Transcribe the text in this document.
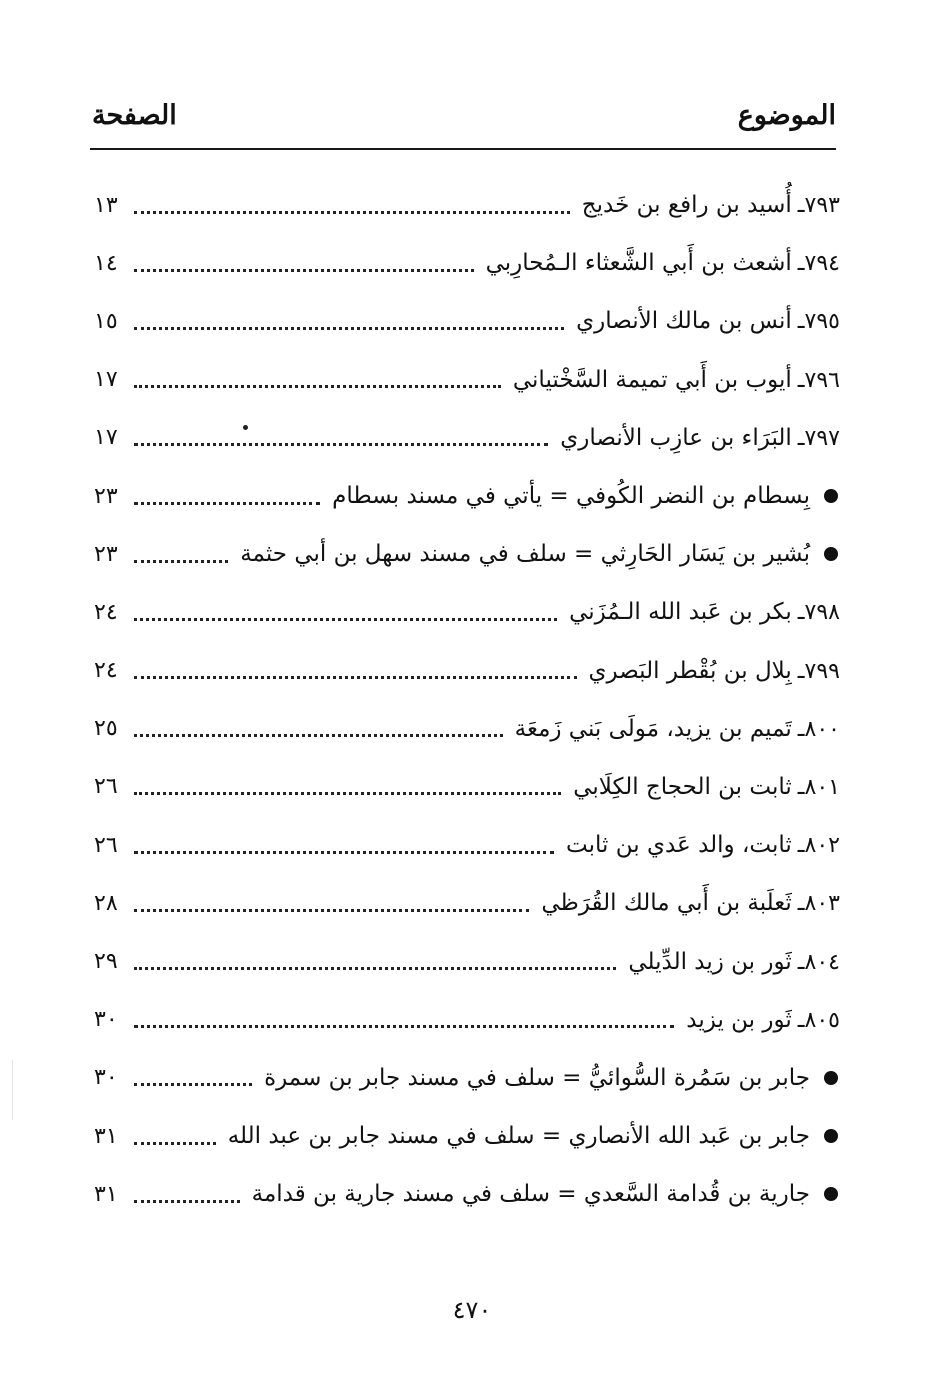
الموضوع
الصفحة
٧٩٣ـ
أُسيد بن رافع بن خَديج
١٣
٧٩٤ـ
أشعث بن أَبي الشَّعثاء الـمُحارِبي
١٤
٧٩٥ـ
أنس بن مالك الأنصاري
١٥
٧٩٦ـ
أيوب بن أَبي تميمة السَّخْتياني
١٧
٧٩٧ـ
البَرَاء بن عازِب الأنصاري
١٧
بِسطام بن النضر الكُوفي = يأتي في مسند بسطام
٢٣
بُشير بن يَسَار الحَارِثي = سلف في مسند سهل بن أبي حثمة
٢٣
٧٩٨ـ
بكر بن عَبد الله الـمُزَني
٢٤
٧٩٩ـ
بِلال بن بُقْطر البَصري
٢٤
٨٠٠ـ
تَميم بن يزيد، مَولَى بَني زَمعَة
٢٥
٨٠١ـ
ثابت بن الحجاج الكِلَابي
٢٦
٨٠٢ـ
ثابت، والد عَدي بن ثابت
٢٦
٨٠٣ـ
ثَعلَبة بن أَبي مالك القُرَظي
٢٨
٨٠٤ـ
ثَور بن زيد الدِّيلي
٢٩
٨٠٥ـ
ثَور بن يزيد
٣٠
جابر بن سَمُرة السُّوائيُّ = سلف في مسند جابر بن سمرة
٣٠
جابر بن عَبد الله الأنصاري = سلف في مسند جابر بن عبد الله
٣١
جارية بن قُدامة السَّعدي = سلف في مسند جارية بن قدامة
٣١
٤٧٠
